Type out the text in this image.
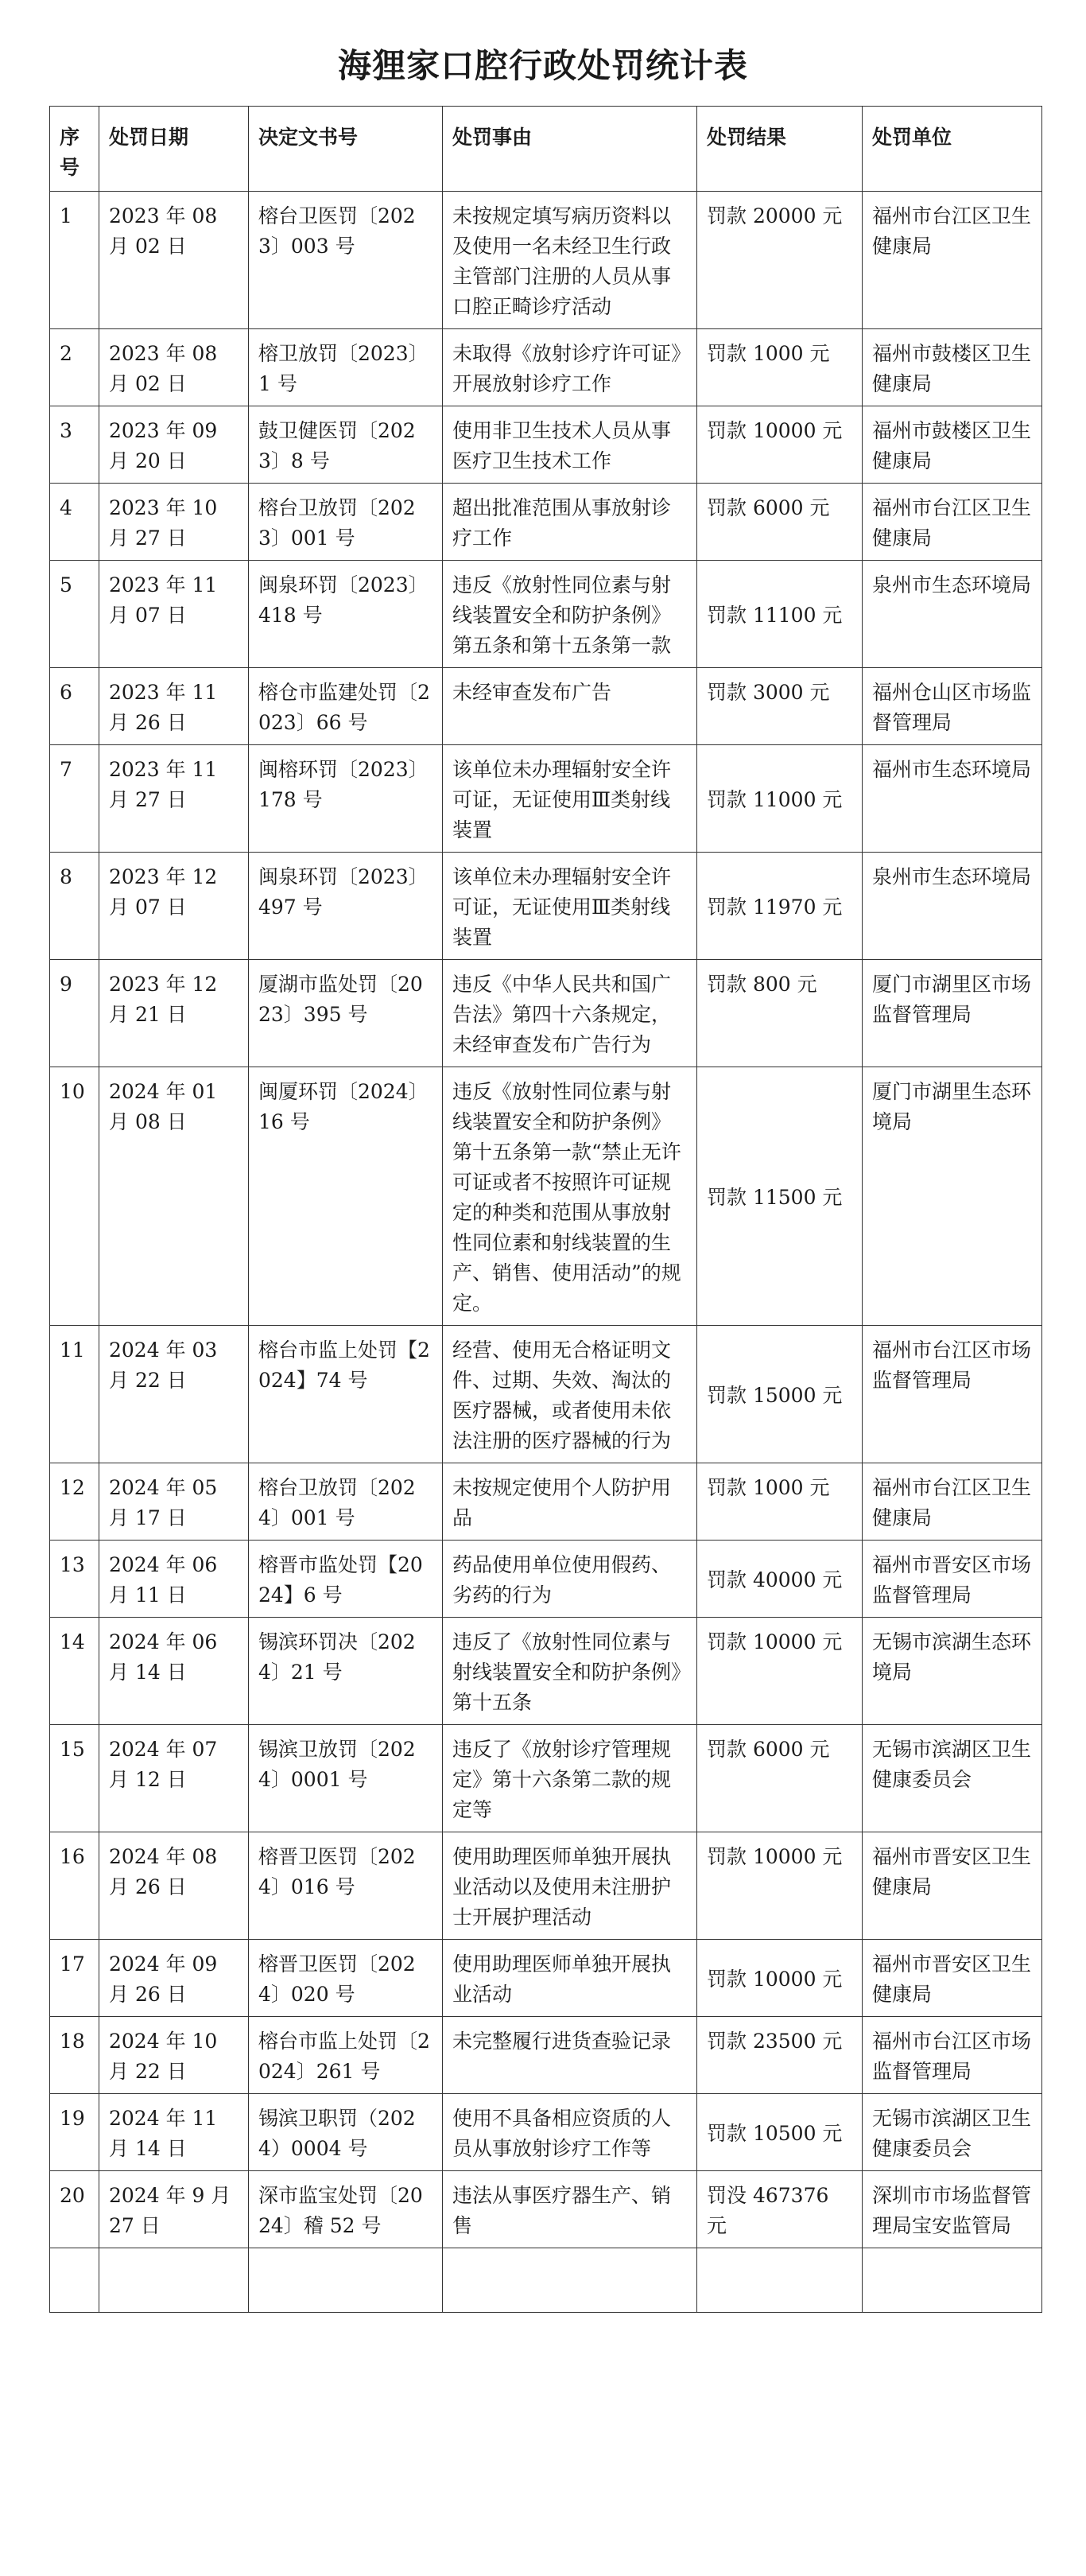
海狸家口腔行政处罚统计表
序号	处罚日期	决定文书号	处罚事由	处罚结果	处罚单位
1	2023 年 08 月 02 日	榕台卫医罚〔2023〕003 号	未按规定填写病历资料以及使用一名未经卫生行政主管部门注册的人员从事口腔正畸诊疗活动	罚款 20000 元	福州市台江区卫生健康局
2	2023 年 08 月 02 日	榕卫放罚〔2023〕1 号	未取得《放射诊疗许可证》开展放射诊疗工作	罚款 1000 元	福州市鼓楼区卫生健康局
3	2023 年 09 月 20 日	鼓卫健医罚〔2023〕8 号	使用非卫生技术人员从事医疗卫生技术工作	罚款 10000 元	福州市鼓楼区卫生健康局
4	2023 年 10 月 27 日	榕台卫放罚〔2023〕001 号	超出批准范围从事放射诊疗工作	罚款 6000 元	福州市台江区卫生健康局
5	2023 年 11 月 07 日	闽泉环罚〔2023〕418 号	违反《放射性同位素与射线装置安全和防护条例》第五条和第十五条第一款	罚款 11100 元	泉州市生态环境局
6	2023 年 11 月 26 日	榕仓市监建处罚〔2023〕66 号	未经审查发布广告	罚款 3000 元	福州仓山区市场监督管理局
7	2023 年 11 月 27 日	闽榕环罚〔2023〕178 号	该单位未办理辐射安全许可证，无证使用Ⅲ类射线装置	罚款 11000 元	福州市生态环境局
8	2023 年 12 月 07 日	闽泉环罚〔2023〕497 号	该单位未办理辐射安全许可证，无证使用Ⅲ类射线装置	罚款 11970 元	泉州市生态环境局
9	2023 年 12 月 21 日	厦湖市监处罚〔2023〕395 号	违反《中华人民共和国广告法》第四十六条规定，未经审查发布广告行为	罚款 800 元	厦门市湖里区市场监督管理局
10	2024 年 01 月 08 日	闽厦环罚〔2024〕16 号	违反《放射性同位素与射线装置安全和防护条例》第十五条第一款“禁止无许可证或者不按照许可证规定的种类和范围从事放射性同位素和射线装置的生产、销售、使用活动”的规定。	罚款 11500 元	厦门市湖里生态环境局
11	2024 年 03 月 22 日	榕台市监上处罚【2024】74 号	经营、使用无合格证明文件、过期、失效、淘汰的医疗器械，或者使用未依法注册的医疗器械的行为	罚款 15000 元	福州市台江区市场监督管理局
12	2024 年 05 月 17 日	榕台卫放罚〔2024〕001 号	未按规定使用个人防护用品	罚款 1000 元	福州市台江区卫生健康局
13	2024 年 06 月 11 日	榕晋市监处罚【2024】6 号	药品使用单位使用假药、劣药的行为	罚款 40000 元	福州市晋安区市场监督管理局
14	2024 年 06 月 14 日	锡滨环罚决〔2024〕21 号	违反了《放射性同位素与射线装置安全和防护条例》第十五条	罚款 10000 元	无锡市滨湖生态环境局
15	2024 年 07 月 12 日	锡滨卫放罚〔2024〕0001 号	违反了《放射诊疗管理规定》第十六条第二款的规定等	罚款 6000 元	无锡市滨湖区卫生健康委员会
16	2024 年 08 月 26 日	榕晋卫医罚〔2024〕016 号	使用助理医师单独开展执业活动以及使用未注册护士开展护理活动	罚款 10000 元	福州市晋安区卫生健康局
17	2024 年 09 月 26 日	榕晋卫医罚〔2024〕020 号	使用助理医师单独开展执业活动	罚款 10000 元	福州市晋安区卫生健康局
18	2024 年 10 月 22 日	榕台市监上处罚〔2024〕261 号	未完整履行进货查验记录	罚款 23500 元	福州市台江区市场监督管理局
19	2024 年 11 月 14 日	锡滨卫职罚（2024）0004 号	使用不具备相应资质的人员从事放射诊疗工作等	罚款 10500 元	无锡市滨湖区卫生健康委员会
20	2024 年 9 月 27 日	深市监宝处罚〔2024〕稽 52 号	违法从事医疗器生产、销售	罚没 467376 元	深圳市市场监督管理局宝安监管局
